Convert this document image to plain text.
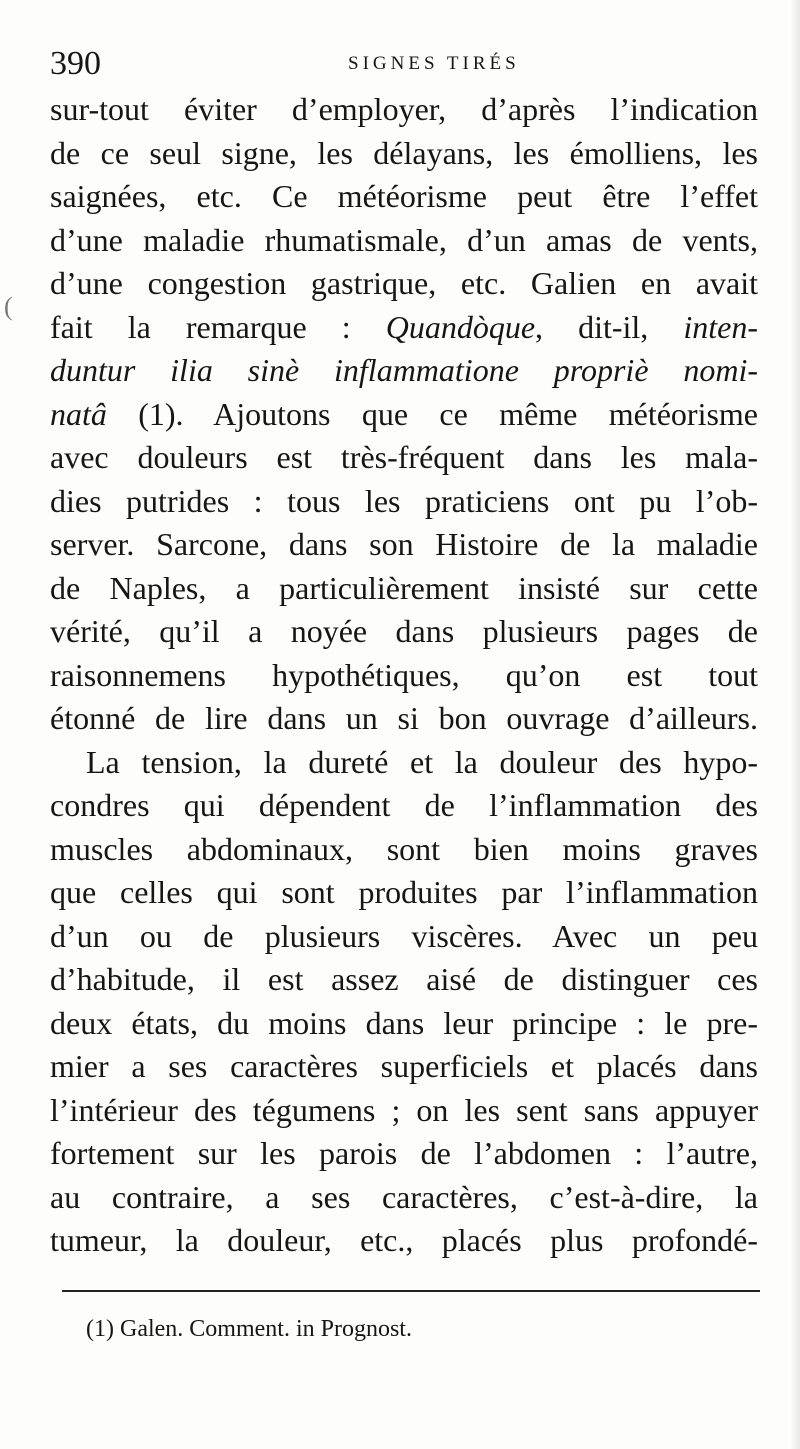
(
390	SIGNES TIRÉS
sur-tout éviter d’employer, d’après l’indication
de ce seul signe, les délayans, les émolliens, les
saignées, etc. Ce météorisme peut être l’effet
d’une maladie rhumatismale, d’un amas de vents,
d’une congestion gastrique, etc. Galien en avait
fait la remarque : Quandòque, dit-il, inten-
duntur ilia sinè inflammatione propriè nomi-
natâ (1). Ajoutons que ce même météorisme
avec douleurs est très-fréquent dans les mala-
dies putrides : tous les praticiens ont pu l’ob-
server. Sarcone, dans son Histoire de la maladie
de Naples, a particulièrement insisté sur cette
vérité, qu’il a noyée dans plusieurs pages de
raisonnemens hypothétiques, qu’on est tout
étonné de lire dans un si bon ouvrage d’ailleurs.
La tension, la dureté et la douleur des hypo-
condres qui dépendent de l’inflammation des
muscles abdominaux, sont bien moins graves
que celles qui sont produites par l’inflammation
d’un ou de plusieurs viscères. Avec un peu
d’habitude, il est assez aisé de distinguer ces
deux états, du moins dans leur principe : le pre-
mier a ses caractères superficiels et placés dans
l’intérieur des tégumens ; on les sent sans appuyer
fortement sur les parois de l’abdomen : l’autre,
au contraire, a ses caractères, c’est-à-dire, la
tumeur, la douleur, etc., placés plus profondé-
(1) Galen. Comment. in Prognost.
